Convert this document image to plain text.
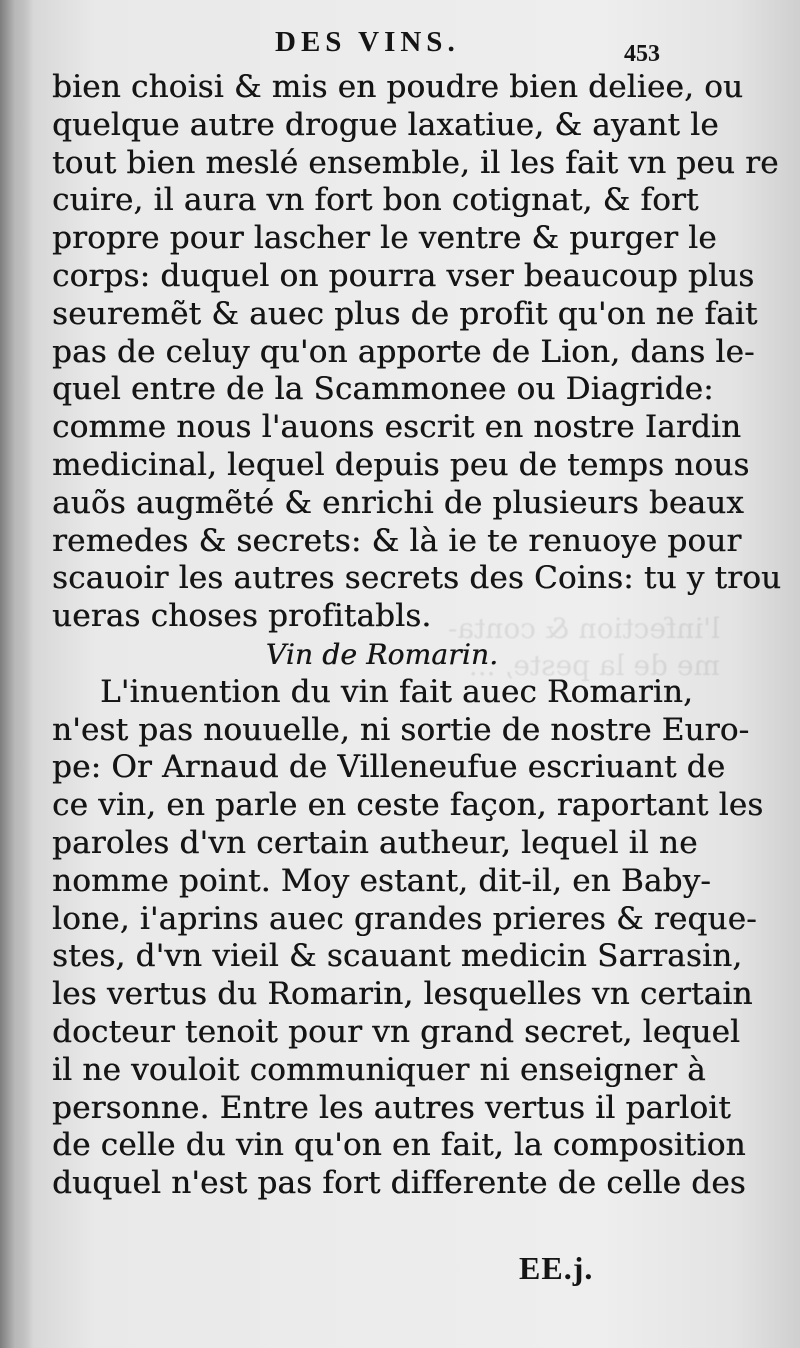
l'infection & conta-
me de la peste, ...
DES VINS.	453
bien choisi & mis en poudre bien deliee, ou
quelque autre drogue laxatiue, & ayant le
tout bien meslé ensemble, il les fait vn peu re
cuire, il aura vn fort bon cotignat, & fort
propre pour lascher le ventre & purger le
corps: duquel on pourra vser beaucoup plus
seuremẽt & auec plus de profit qu'on ne fait
pas de celuy qu'on apporte de Lion, dans le-
quel entre de la Scammonee ou Diagride:
comme nous l'auons escrit en nostre Iardin
medicinal, lequel depuis peu de temps nous
auõs augmẽté & enrichi de plusieurs beaux
remedes & secrets: & là ie te renuoye pour
scauoir les autres secrets des Coins: tu y trou
ueras choses profitabls.
Vin de Romarin.
L'inuention du vin fait auec Romarin,
n'est pas nouuelle, ni sortie de nostre Euro-
pe: Or Arnaud de Villeneufue escriuant de
ce vin, en parle en ceste façon, raportant les
paroles d'vn certain autheur, lequel il ne
nomme point. Moy estant, dit-il, en Baby-
lone, i'aprins auec grandes prieres & reque-
stes, d'vn vieil & scauant medicin Sarrasin,
les vertus du Romarin, lesquelles vn certain
docteur tenoit pour vn grand secret, lequel
il ne vouloit communiquer ni enseigner à
personne. Entre les autres vertus il parloit
de celle du vin qu'on en fait, la composition
duquel n'est pas fort differente de celle des
EE.j.
